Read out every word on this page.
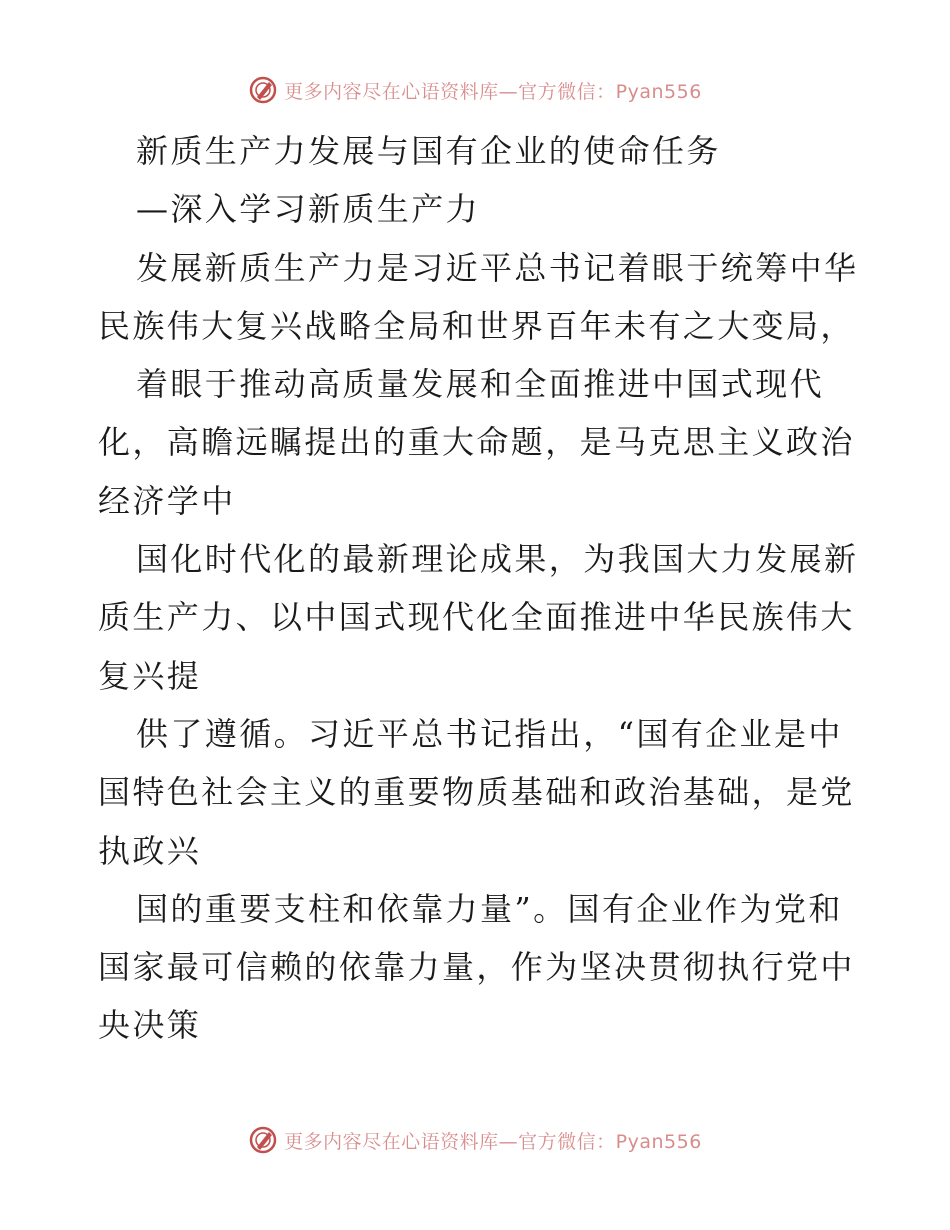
更多内容尽在心语资料库—官方微信：Pyan556
新质生产力发展与国有企业的使命任务
—深入学习新质生产力
发展新质生产力是习近平总书记着眼于统筹中华
民族伟大复兴战略全局和世界百年未有之大变局，
着眼于推动高质量发展和全面推进中国式现代
化，高瞻远瞩提出的重大命题，是马克思主义政治
经济学中
国化时代化的最新理论成果，为我国大力发展新
质生产力、以中国式现代化全面推进中华民族伟大
复兴提
供了遵循。习近平总书记指出，“国有企业是中
国特色社会主义的重要物质基础和政治基础，是党
执政兴
国的重要支柱和依靠力量”。国有企业作为党和
国家最可信赖的依靠力量，作为坚决贯彻执行党中
央决策
更多内容尽在心语资料库—官方微信：Pyan556
